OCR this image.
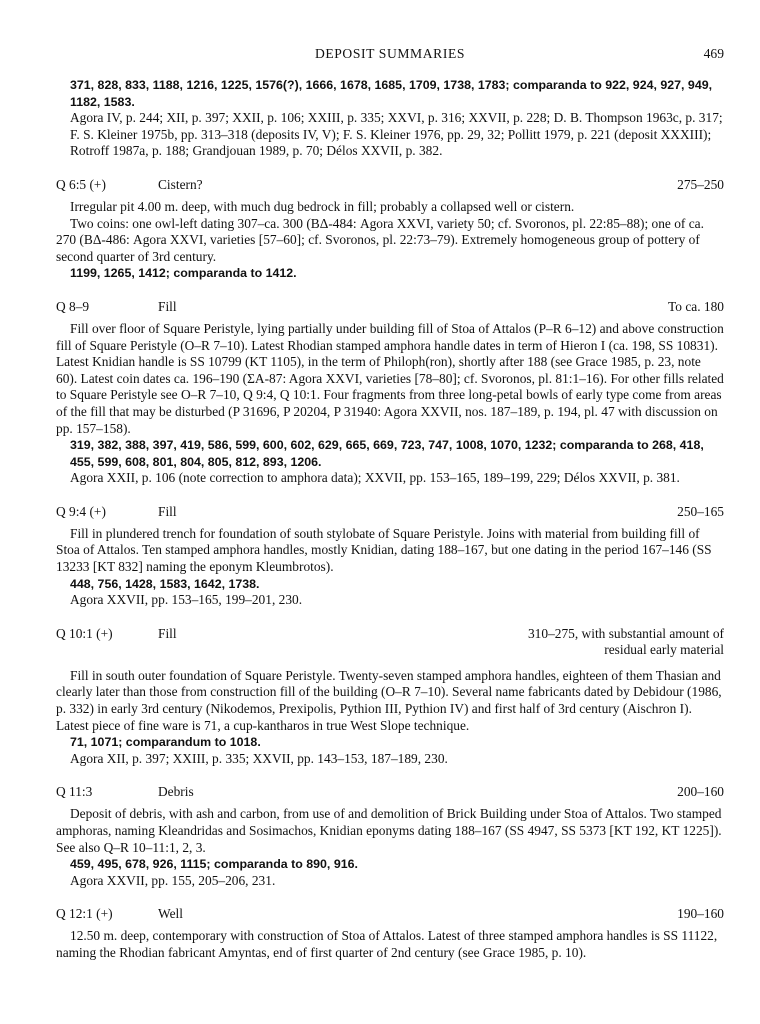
DEPOSIT SUMMARIES	469

371, 828, 833, 1188, 1216, 1225, 1576(?), 1666, 1678, 1685, 1709, 1738, 1783; comparanda to 922, 924, 927, 949, 1182, 1583.

Agora IV, p. 244; XII, p. 397; XXII, p. 106; XXIII, p. 335; XXVI, p. 316; XXVII, p. 228; D. B. Thompson 1963c, p. 317; F. S. Kleiner 1975b, pp. 313–318 (deposits IV, V); F. S. Kleiner 1976, pp. 29, 32; Pollitt 1979, p. 221 (deposit XXXIII); Rotroff 1987a, p. 188; Grandjouan 1989, p. 70; Délos XXVII, p. 382.

Q 6:5 (+)	Cistern?	275–250

Irregular pit 4.00 m. deep, with much dug bedrock in fill; probably a collapsed well or cistern.

Two coins: one owl-left dating 307–ca. 300 (BΔ-484: Agora XXVI, variety 50; cf. Svoronos, pl. 22:85–88); one of ca. 270 (BΔ-486: Agora XXVI, varieties [57–60]; cf. Svoronos, pl. 22:73–79). Extremely homogeneous group of pottery of second quarter of 3rd century.

1199, 1265, 1412; comparanda to 1412.

Q 8–9	Fill	To ca. 180

Fill over floor of Square Peristyle, lying partially under building fill of Stoa of Attalos (P–R 6–12) and above construction fill of Square Peristyle (O–R 7–10). Latest Rhodian stamped amphora handle dates in term of Hieron I (ca. 198, SS 10831). Latest Knidian handle is SS 10799 (KT 1105), in the term of Philoph(ron), shortly after 188 (see Grace 1985, p. 23, note 60). Latest coin dates ca. 196–190 (ΣA-87: Agora XXVI, varieties [78–80]; cf. Svoronos, pl. 81:1–16). For other fills related to Square Peristyle see O–R 7–10, Q 9:4, Q 10:1. Four fragments from three long-petal bowls of early type come from areas of the fill that may be disturbed (P 31696, P 20204, P 31940: Agora XXVII, nos. 187–189, p. 194, pl. 47 with discussion on pp. 157–158).

319, 382, 388, 397, 419, 586, 599, 600, 602, 629, 665, 669, 723, 747, 1008, 1070, 1232; comparanda to 268, 418, 455, 599, 608, 801, 804, 805, 812, 893, 1206.

Agora XXII, p. 106 (note correction to amphora data); XXVII, pp. 153–165, 189–199, 229; Délos XXVII, p. 381.

Q 9:4 (+)	Fill	250–165

Fill in plundered trench for foundation of south stylobate of Square Peristyle. Joins with material from building fill of Stoa of Attalos. Ten stamped amphora handles, mostly Knidian, dating 188–167, but one dating in the period 167–146 (SS 13233 [KT 832] naming the eponym Kleumbrotos).

448, 756, 1428, 1583, 1642, 1738.

Agora XXVII, pp. 153–165, 199–201, 230.

Q 10:1 (+)	Fill	310–275, with substantial amount of
residual early material

Fill in south outer foundation of Square Peristyle. Twenty-seven stamped amphora handles, eighteen of them Thasian and clearly later than those from construction fill of the building (O–R 7–10). Several name fabricants dated by Debidour (1986, p. 332) in early 3rd century (Nikodemos, Prexipolis, Pythion III, Pythion IV) and first half of 3rd century (Aischron I). Latest piece of fine ware is 71, a cup-kantharos in true West Slope technique.

71, 1071; comparandum to 1018.

Agora XII, p. 397; XXIII, p. 335; XXVII, pp. 143–153, 187–189, 230.

Q 11:3	Debris	200–160

Deposit of debris, with ash and carbon, from use of and demolition of Brick Building under Stoa of Attalos. Two stamped amphoras, naming Kleandridas and Sosimachos, Knidian eponyms dating 188–167 (SS 4947, SS 5373 [KT 192, KT 1225]). See also Q–R 10–11:1, 2, 3.

459, 495, 678, 926, 1115; comparanda to 890, 916.

Agora XXVII, pp. 155, 205–206, 231.

Q 12:1 (+)	Well	190–160

12.50 m. deep, contemporary with construction of Stoa of Attalos. Latest of three stamped amphora handles is SS 11122, naming the Rhodian fabricant Amyntas, end of first quarter of 2nd century (see Grace 1985, p. 10).
